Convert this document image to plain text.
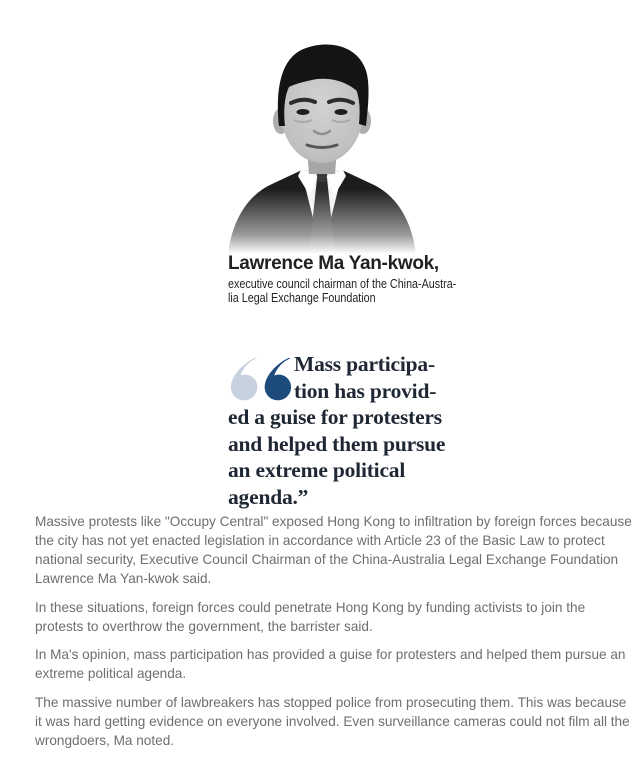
Lawrence Ma Yan-kwok,
executive council chairman of the China-Austra-
lia Legal Exchange Foundation
Mass participa-
tion has provid-
ed a guise for protesters
and helped them pursue
an extreme political
agenda.”

Massive protests like "Occupy Central" exposed Hong Kong to infiltration by foreign forces because the city has not yet enacted legislation in accordance with Article 23 of the Basic Law to protect national security, Executive Council Chairman of the China-Australia Legal Exchange Foundation Lawrence Ma Yan-kwok said.

In these situations, foreign forces could penetrate Hong Kong by funding activists to join the protests to overthrow the government, the barrister said.

In Ma's opinion, mass participation has provided a guise for protesters and helped them pursue an extreme political agenda.

The massive number of lawbreakers has stopped police from prosecuting them. This was because it was hard getting evidence on everyone involved. Even surveillance cameras could not film all the wrongdoers, Ma noted.
